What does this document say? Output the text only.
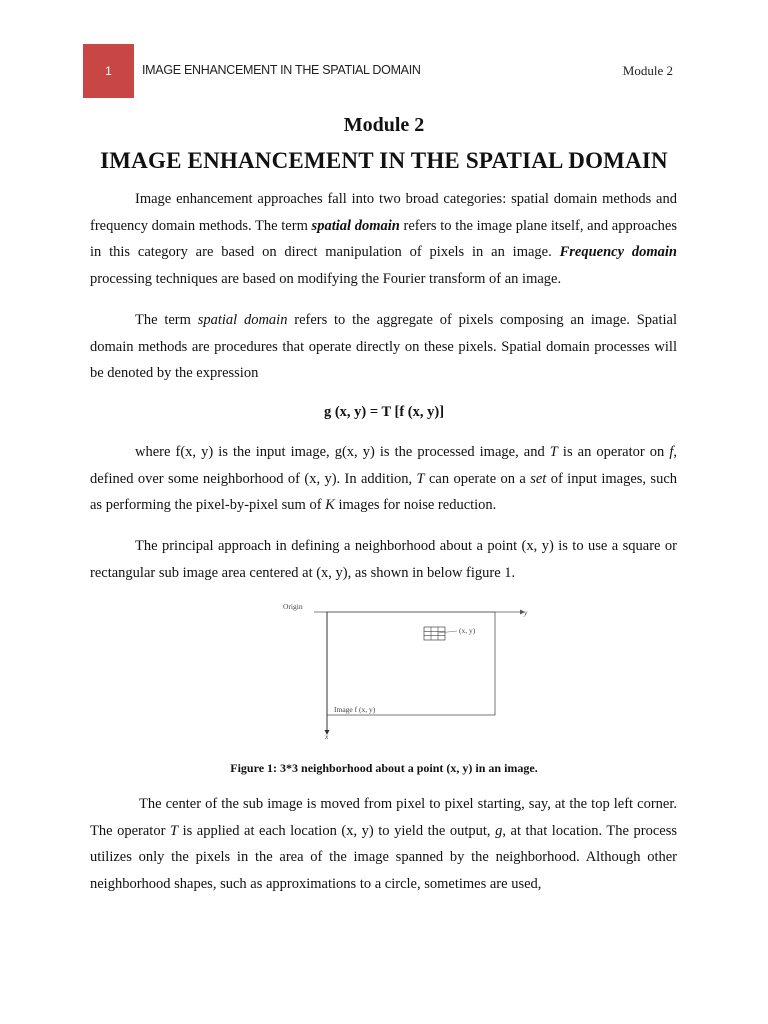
1 IMAGE ENHANCEMENT IN THE SPATIAL DOMAIN	Module 2
Module 2
IMAGE ENHANCEMENT IN THE SPATIAL DOMAIN

Image enhancement approaches fall into two broad categories: spatial domain methods and frequency domain methods. The term spatial domain refers to the image plane itself, and approaches in this category are based on direct manipulation of pixels in an image. Frequency domain processing techniques are based on modifying the Fourier transform of an image.

The term spatial domain refers to the aggregate of pixels composing an image. Spatial domain methods are procedures that operate directly on these pixels. Spatial domain processes will be denoted by the expression

g (x, y) = T [f (x, y)]

where f(x, y) is the input image, g(x, y) is the processed image, and T is an operator on f, defined over some neighborhood of (x, y). In addition, T can operate on a set of input images, such as performing the pixel-by-pixel sum of K images for noise reduction.

The principal approach in defining a neighborhood about a point (x, y) is to use a square or rectangular sub image area centered at (x, y), as shown in below figure 1.

Origin
y
x
(x, y)
Image f (x, y)
Figure 1: 3*3 neighborhood about a point (x, y) in an image.

The center of the sub image is moved from pixel to pixel starting, say, at the top left corner. The operator T is applied at each location (x, y) to yield the output, g, at that location. The process utilizes only the pixels in the area of the image spanned by the neighborhood. Although other neighborhood shapes, such as approximations to a circle, sometimes are used,
